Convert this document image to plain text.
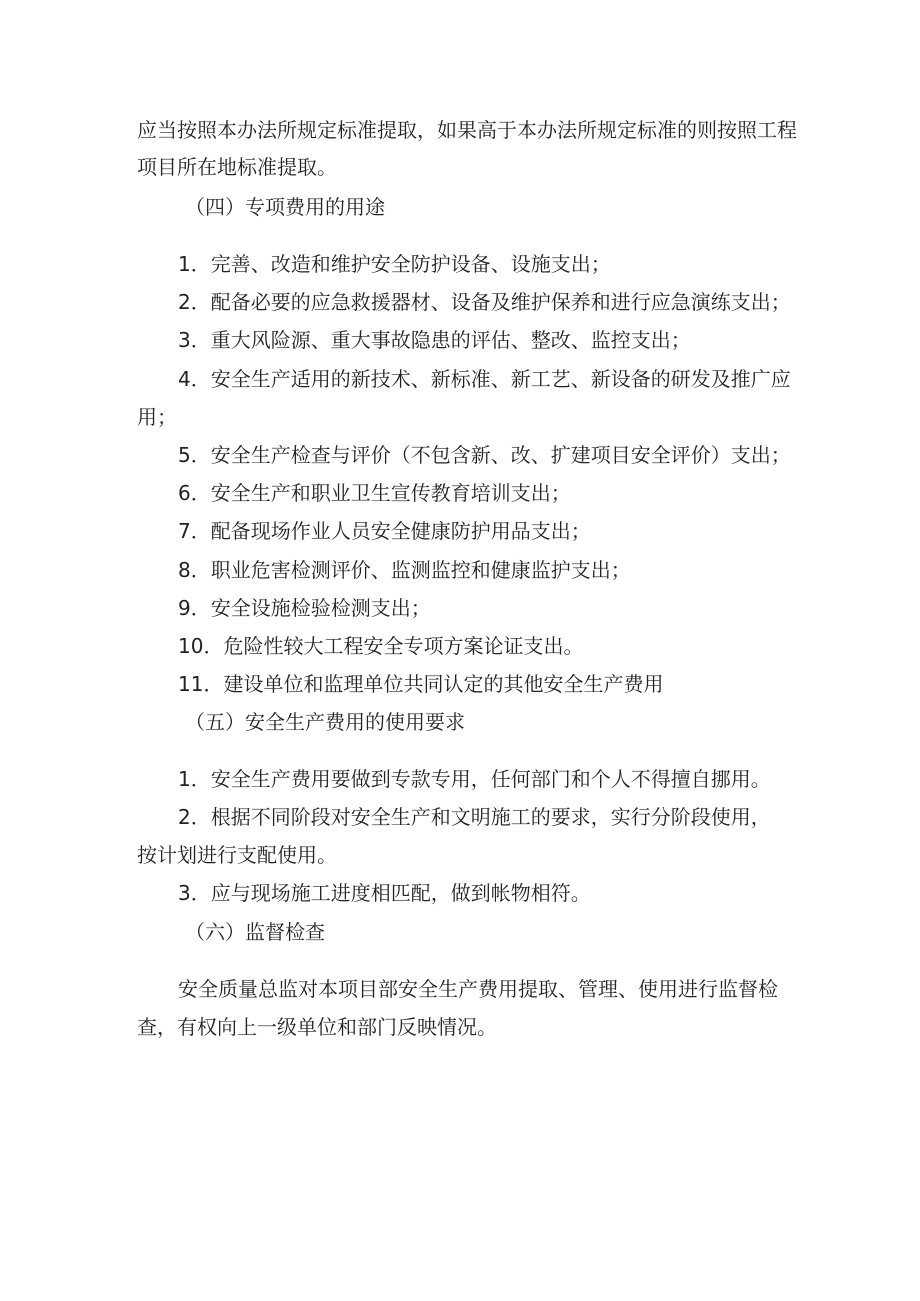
应当按照本办法所规定标准提取，如果高于本办法所规定标准的则按照工程
项目所在地标准提取。
（四）专项费用的用途
1．完善、改造和维护安全防护设备、设施支出；
2．配备必要的应急救援器材、设备及维护保养和进行应急演练支出；
3．重大风险源、重大事故隐患的评估、整改、监控支出；
4．安全生产适用的新技术、新标准、新工艺、新设备的研发及推广应
用；
5．安全生产检查与评价（不包含新、改、扩建项目安全评价）支出；
6．安全生产和职业卫生宣传教育培训支出；
7．配备现场作业人员安全健康防护用品支出；
8．职业危害检测评价、监测监控和健康监护支出；
9．安全设施检验检测支出；
10．危险性较大工程安全专项方案论证支出。
11．建设单位和监理单位共同认定的其他安全生产费用
（五）安全生产费用的使用要求
1．安全生产费用要做到专款专用，任何部门和个人不得擅自挪用。
2．根据不同阶段对安全生产和文明施工的要求，实行分阶段使用，
按计划进行支配使用。
3．应与现场施工进度相匹配，做到帐物相符。
（六）监督检查
安全质量总监对本项目部安全生产费用提取、管理、使用进行监督检
查，有权向上一级单位和部门反映情况。
